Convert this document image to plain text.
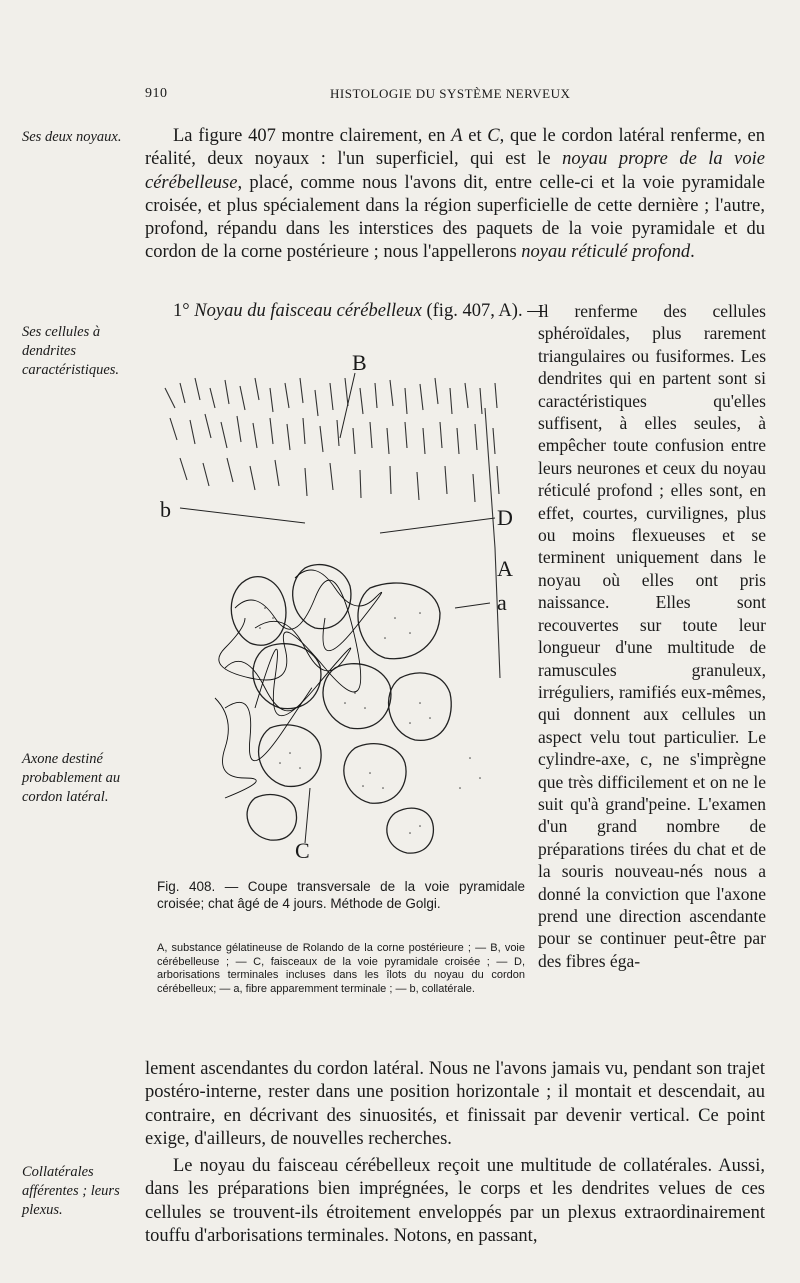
910	HISTOLOGIE DU SYSTÈME NERVEUX
Ses deux noyaux.
Ses cellules à dendrites caractéristiques.
Axone destiné probablement au cordon latéral.
Collatérales afférentes ; leurs plexus.

La figure 407 montre clairement, en A et C, que le cordon latéral renferme, en réalité, deux noyaux : l'un superficiel, qui est le noyau propre de la voie cérébelleuse, placé, comme nous l'avons dit, entre celle-ci et la voie pyramidale croisée, et plus spécialement dans la région superficielle de cette dernière ; l'autre, profond, répandu dans les interstices des paquets de la voie pyramidale et du cordon de la corne postérieure ; nous l'appellerons noyau réticulé profond.

1° Noyau du faisceau cérébelleux (fig. 407, A). —

Il renferme des cellules sphéroïdales, plus rarement triangulaires ou fusiformes. Les dendrites qui en partent sont si caractéristiques qu'elles suffisent, à elles seules, à empêcher toute confusion entre leurs neurones et ceux du noyau réticulé profond ; elles sont, en effet, courtes, curvilignes, plus ou moins flexueuses et se terminent uniquement dans le noyau où elles ont pris naissance. Elles sont recouvertes sur toute leur longueur d'une multitude de ramuscules granuleux, irréguliers, ramifiés eux-mêmes, qui donnent aux cellules un aspect velu tout particulier. Le cylindre-axe, c, ne s'imprègne que très difficilement et on ne le suit qu'à grand'peine. L'examen d'un grand nombre de préparations tirées du chat et de la souris nouveau-nés nous a donné la conviction que l'axone prend une direction ascendante pour se continuer peut-être par des fibres éga-

B
b	D
A
a
C
Fig. 408. — Coupe transversale de la voie pyramidale croisée; chat âgé de 4 jours. Méthode de Golgi.
A, substance gélatineuse de Rolando de la corne postérieure ; — B, voie cérébelleuse ; — C, faisceaux de la voie pyramidale croisée ; — D, arborisations terminales incluses dans les îlots du noyau du cordon cérébelleux; — a, fibre apparemment terminale ; — b, collatérale.

lement ascendantes du cordon latéral. Nous ne l'avons jamais vu, pendant son trajet postéro-interne, rester dans une position horizontale ; il montait et descendait, au contraire, en décrivant des sinuosités, et finissait par devenir vertical. Ce point exige, d'ailleurs, de nouvelles recherches.

Le noyau du faisceau cérébelleux reçoit une multitude de collatérales. Aussi, dans les préparations bien imprégnées, le corps et les dendrites velues de ces cellules se trouvent-ils étroitement enveloppés par un plexus extraordinairement touffu d'arborisations terminales. Notons, en passant,
